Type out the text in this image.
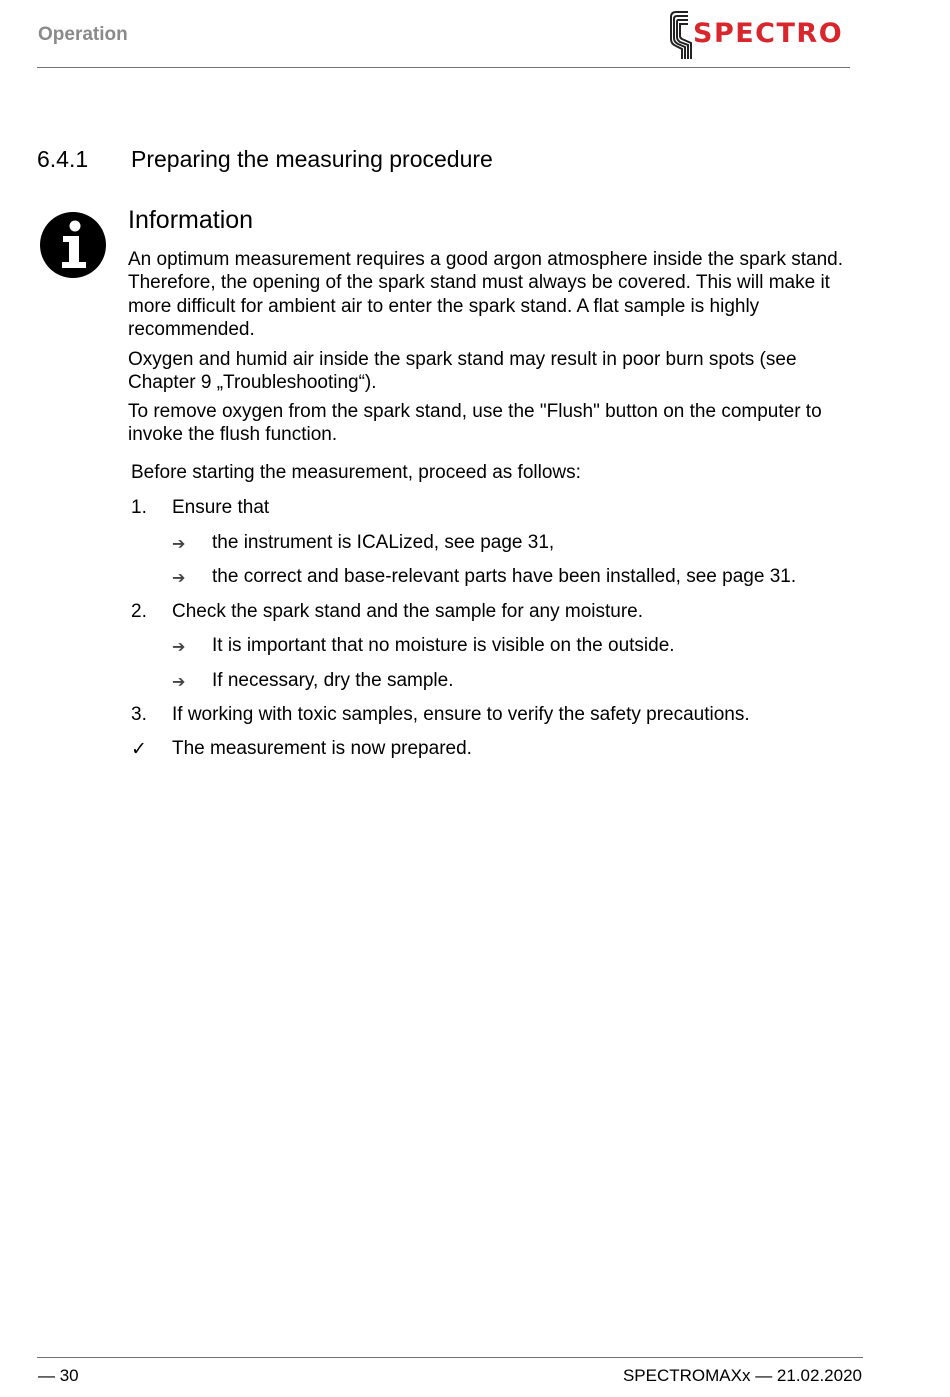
Operation	SPECTRO
6.4.1 Preparing the measuring procedure
Information
An optimum measurement requires a good argon atmosphere inside the spark stand. Therefore, the opening of the spark stand must always be covered. This will make it more difficult for ambient air to enter the spark stand. A flat sample is highly recommended.
Oxygen and humid air inside the spark stand may result in poor burn spots (see Chapter 9 „Troubleshooting“).
To remove oxygen from the spark stand, use the "Flush" button on the computer to invoke the flush function.
Before starting the measurement, proceed as follows:
1. Ensure that
➔ the instrument is ICALized, see page 31,
➔ the correct and base-relevant parts have been installed, see page 31.
2. Check the spark stand and the sample for any moisture.
➔ It is important that no moisture is visible on the outside.
➔ If necessary, dry the sample.
3. If working with toxic samples, ensure to verify the safety precautions.
✓ The measurement is now prepared.
— 30	SPECTROMAXx — 21.02.2020
